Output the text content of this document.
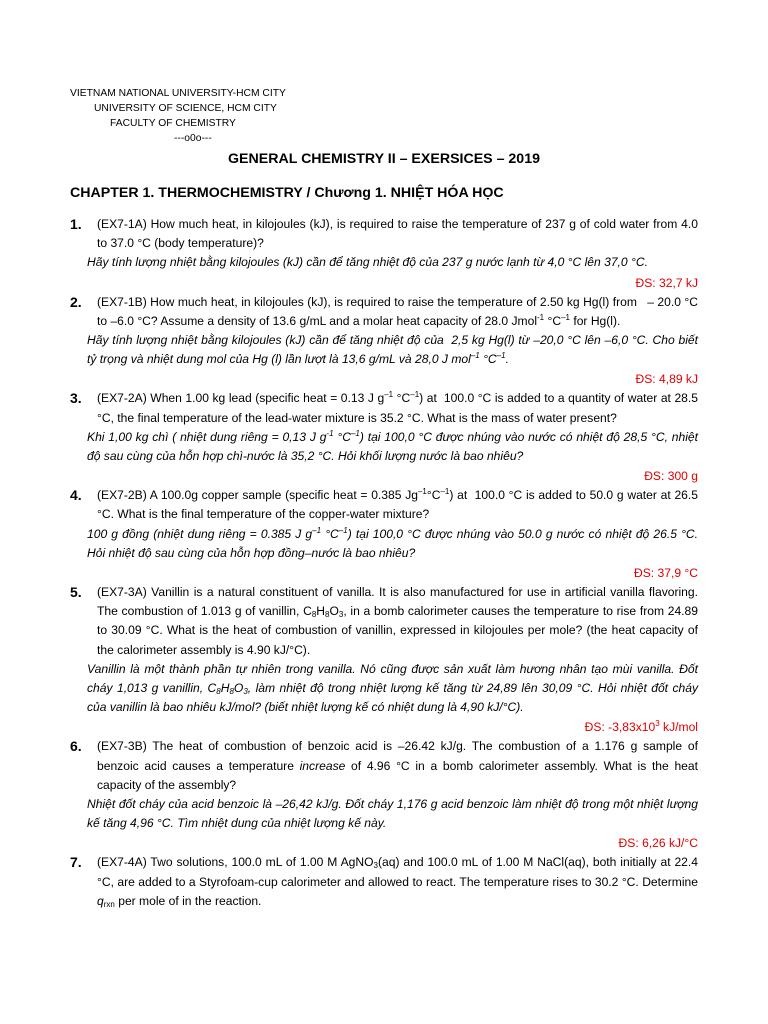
VIETNAM NATIONAL UNIVERSITY-HCM CITY
UNIVERSITY OF SCIENCE, HCM CITY
FACULTY OF CHEMISTRY
---o0o---
GENERAL CHEMISTRY II – EXERSICES – 2019
CHAPTER 1. THERMOCHEMISTRY / Chương 1. NHIỆT HÓA HỌC
1. (EX7-1A) How much heat, in kilojoules (kJ), is required to raise the temperature of 237 g of cold water from 4.0 to 37.0 °C (body temperature)?
Hãy tính lượng nhiệt bằng kilojoules (kJ) cần để tăng nhiệt độ của 237 g nước lạnh từ 4,0 °C lên 37,0 °C.
ĐS: 32,7 kJ
2. (EX7-1B) How much heat, in kilojoules (kJ), is required to raise the temperature of 2.50 kg Hg(l) from   – 20.0 °C to –6.0 °C? Assume a density of 13.6 g/mL and a molar heat capacity of 28.0 Jmol$^{-1}$ $^\circ C^{-1}$ for Hg(l).
Hãy tính lượng nhiệt bằng kilojoules (kJ) cần để tăng nhiệt độ của  2,5 kg Hg(l) từ –20,0 °C lên –6,0 °C. Cho biết tỷ trọng và nhiệt dung mol của Hg (l) lần lượt là 13,6 g/mL và 28,0 J mol$^{-1}$ $^\circ C^{-1}$.
ĐS: 4,89 kJ
3. (EX7-2A) When 1.00 kg lead (specific heat = 0.13 J $g^{-1}$ $^\circ C^{-1}$) at  100.0 °C is added to a quantity of water at 28.5 °C, the final temperature of the lead-water mixture is 35.2 °C. What is the mass of water present?
Khi 1,00 kg chì ( nhiệt dung riêng = 0,13 J $g^{-1}$ $^\circ C^{-1}$) tại 100,0 °C được nhúng vào nước có nhiệt độ 28,5 °C, nhiệt độ sau cùng của hỗn hợp chì-nước là 35,2 °C. Hỏi khối lượng nước là bao nhiêu?
ĐS: 300 g
4. (EX7-2B) A 100.0g copper sample (specific heat = 0.385 $Jg^{-1}^\circ C^{-1}$) at  100.0 °C is added to 50.0 g water at 26.5 °C. What is the final temperature of the copper-water mixture?
100 g đồng (nhiệt dung riêng = 0.385 J $g^{-1}$ $^\circ C^{-1}$) tại 100,0 °C được nhúng vào 50.0 g nước có nhiệt độ 26.5 °C. Hỏi nhiệt độ sau cùng của hỗn hợp đồng–nước là bao nhiêu?
ĐS: 37,9 °C
5. (EX7-3A) Vanillin is a natural constituent of vanilla. It is also manufactured for use in artificial vanilla flavoring. The combustion of 1.013 g of vanillin, $C_8H_8O_3$, in a bomb calorimeter causes the temperature to rise from 24.89 to 30.09 °C. What is the heat of combustion of vanillin, expressed in kilojoules per mole? (the heat capacity of the calorimeter assembly is 4.90 kJ/°C).
Vanillin là một thành phần tự nhiên trong vanilla. Nó cũng được sản xuất làm hương nhân tạo mùi vanilla. Đốt cháy 1,013 g vanillin, $C_8H_8O_3$, làm nhiệt độ trong nhiệt lượng kế tăng từ 24,89 lên 30,09 °C. Hỏi nhiệt đốt cháy của vanillin là bao nhiêu kJ/mol? (biết nhiệt lượng kế có nhiệt dung là 4,90 kJ/°C).
ĐS: $-3,83x10^3$ kJ/mol
6. (EX7-3B) The heat of combustion of benzoic acid is –26.42 kJ/g. The combustion of a 1.176 g sample of benzoic acid causes a temperature increase of 4.96 °C in a bomb calorimeter assembly. What is the heat capacity of the assembly?
Nhiệt đốt cháy của acid benzoic là –26,42 kJ/g. Đốt cháy 1,176 g acid benzoic làm nhiệt độ trong một nhiệt lượng kế tăng 4,96 °C. Tìm nhiệt dung của nhiệt lượng kế này.
ĐS: 6,26 kJ/°C
7. (EX7-4A) Two solutions, 100.0 mL of 1.00 M AgNO$_3$(aq) and 100.0 mL of 1.00 M NaCl(aq), both initially at 22.4 °C, are added to a Styrofoam-cup calorimeter and allowed to react. The temperature rises to 30.2 °C. Determine $q_{rxn}$ per mole of in the reaction.
